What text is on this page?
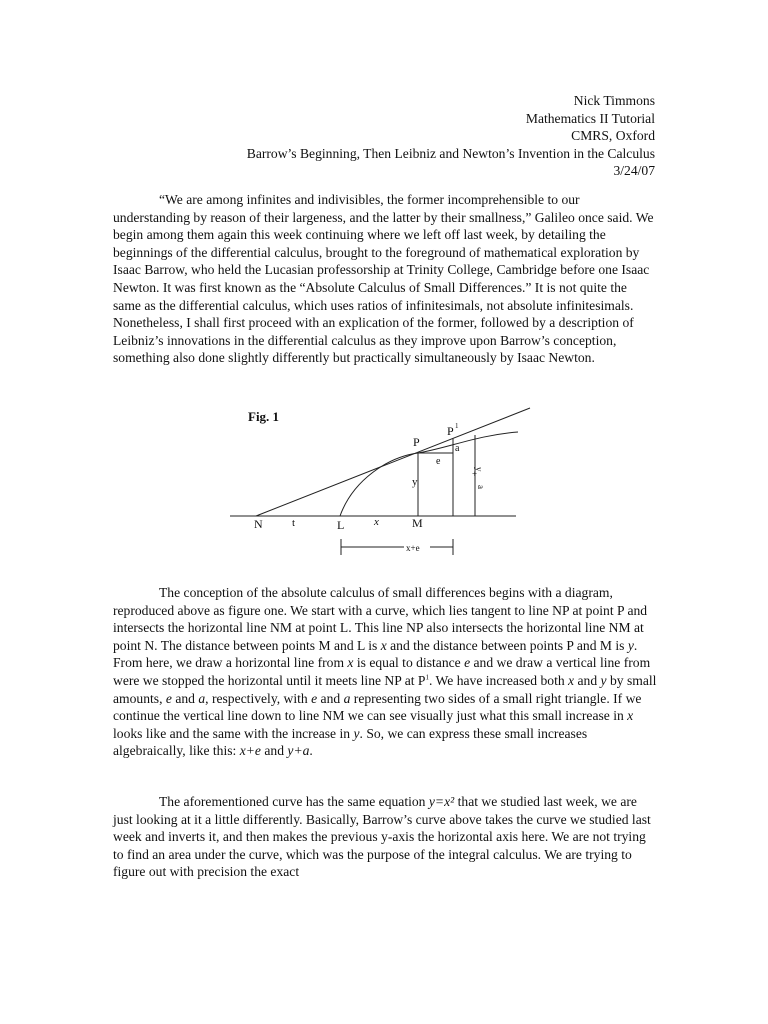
Nick Timmons
Mathematics II Tutorial
CMRS, Oxford
Barrow’s Beginning, Then Leibniz and Newton’s Invention in the Calculus
3/24/07

“We are among infinites and indivisibles, the former incomprehensible to our understanding by reason of their largeness, and the latter by their smallness,” Galileo once said. We begin among them again this week continuing where we left off last week, by detailing the beginnings of the differential calculus, brought to the foreground of mathematical exploration by Isaac Barrow, who held the Lucasian professorship at Trinity College, Cambridge before one Isaac Newton. It was first known as the “Absolute Calculus of Small Differences.” It is not quite the same as the differential calculus, which uses ratios of infinitesimals, not absolute infinitesimals. Nonetheless, I shall first proceed with an explication of the former, followed by a description of Leibniz’s innovations in the differential calculus as they improve upon Barrow’s conception, something also done slightly differently but practically simultaneously by Isaac Newton.

Fig. 1
N	t	L	x	M
P
P 1
e
a
y
y
+
a
x+e

The conception of the absolute calculus of small differences begins with a diagram, reproduced above as figure one. We start with a curve, which lies tangent to line NP at point P and intersects the horizontal line NM at point L. This line NP also intersects the horizontal line NM at point N. The distance between points M and L is x and the distance between points P and M is y. From here, we draw a horizontal line from x is equal to distance e and we draw a vertical line from were we stopped the horizontal until it meets line NP at $P^1$. We have increased both x and y by small amounts, e and a, respectively, with e and a representing two sides of a small right triangle. If we continue the vertical line down to line NM we can see visually just what this small increase in x looks like and the same with the increase in y. So, we can express these small increases algebraically, like this: x+e and y+a.

The aforementioned curve has the same equation y=x² that we studied last week, we are just looking at it a little differently. Basically, Barrow’s curve above takes the curve we studied last week and inverts it, and then makes the previous y-axis the horizontal axis here. We are not trying to find an area under the curve, which was the purpose of the integral calculus. We are trying to figure out with precision the exact
